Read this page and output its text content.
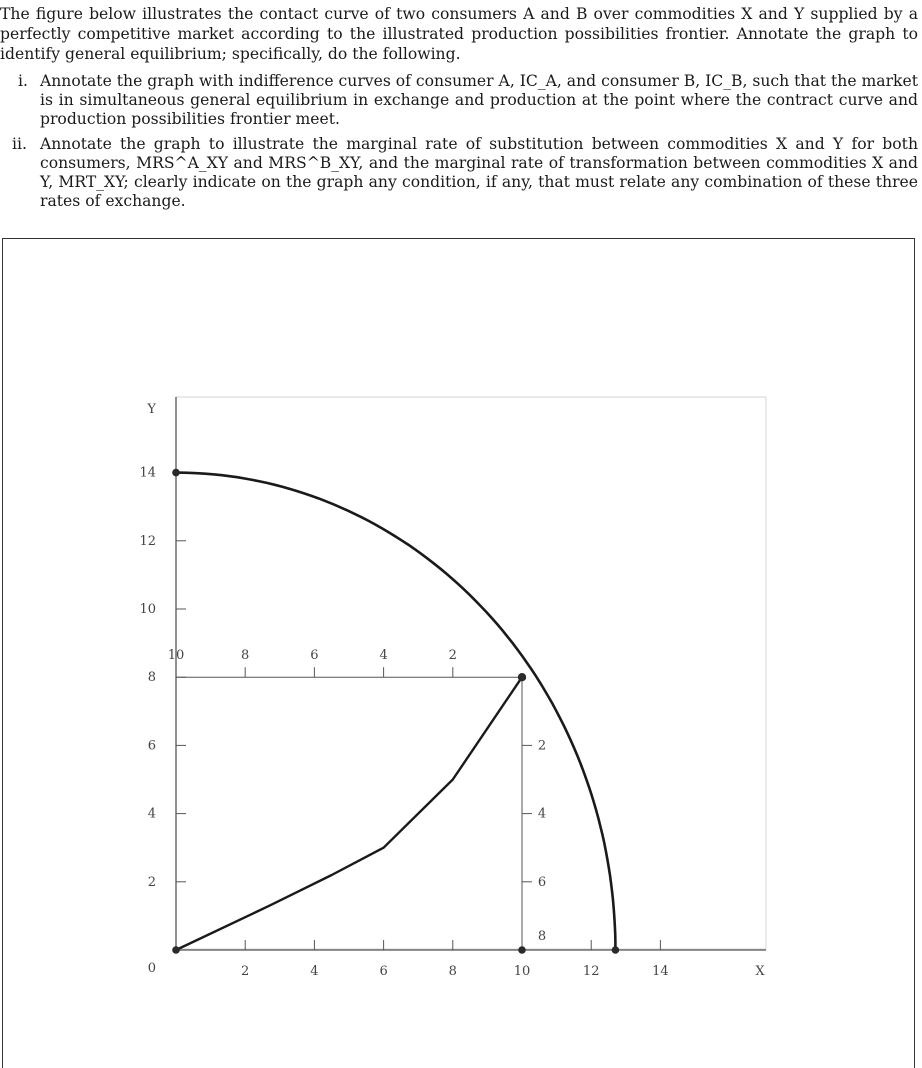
The figure below illustrates the contact curve of two consumers A and B over commodities X and Y supplied by a perfectly competitive market according to the illustrated production possibilities frontier. Annotate the graph to identify general equilibrium; specifically, do the following.

i. Annotate the graph with indifference curves of consumer A, IC_A, and consumer B, IC_B, such that the market is in simultaneous general equilibrium in exchange and production at the point where the contract curve and production possibilities frontier meet.
ii. Annotate the graph to illustrate the marginal rate of substitution between commodities X and Y for both consumers, MRS^A_XY and MRS^B_XY, and the marginal rate of transformation between commodities X and Y, MRT_XY; clearly indicate on the graph any condition, if any, that must relate any combination of these three rates of exchange.
2
4
6
8
10
12
14
0
Y
2	4	6	8	10	12	14	X
10	8	6	4	2
2
4
6
8
